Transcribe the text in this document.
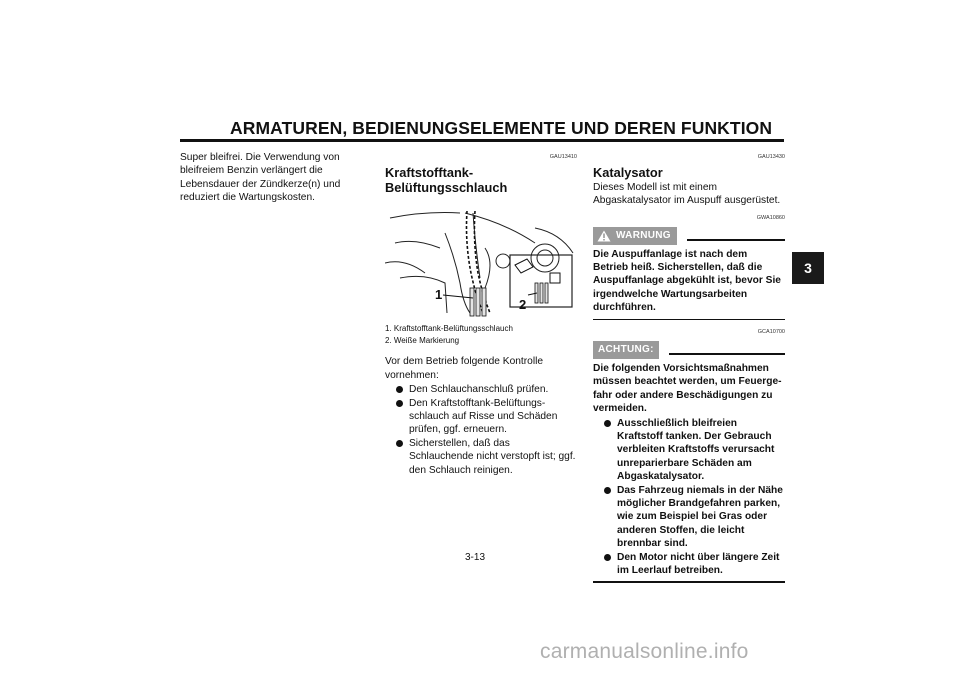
ARMATUREN, BEDIENUNGSELEMENTE UND DEREN FUNKTION
3
Super bleifrei. Die Verwendung von bleifreiem Benzin verlängert die Lebensdauer der Zündkerze(n) und reduziert die Wartungskosten.
GAU13410
Kraftstofftank-Belüftungsschlauch
1
2
1. Kraftstofftank-Belüftungsschlauch
2. Weiße Markierung
Vor dem Betrieb folgende Kontrolle vornehmen:
Den Schlauchanschluß prüfen.
Den Kraftstofftank-Belüftungsschlauch auf Risse und Schäden prüfen, ggf. erneuern.
Sicherstellen, daß das Schlauchende nicht verstopft ist; ggf. den Schlauch reinigen.
GAU13430
Katalysator
Dieses Modell ist mit einem Abgaskatalysator im Auspuff ausgerüstet.
GWA10860
WARNUNG
Die Auspuffanlage ist nach dem Betrieb heiß. Sicherstellen, daß die Auspuffanlage abgekühlt ist, bevor Sie irgendwelche Wartungsarbeiten durchführen.
GCA10700
ACHTUNG:
Die folgenden Vorsichtsmaßnahmen müssen beachtet werden, um Feuergefahr oder andere Beschädigungen zu vermeiden.
Ausschließlich bleifreien Kraftstoff tanken. Der Gebrauch verbleiten Kraftstoffs verursacht unreparierbare Schäden am Abgaskatalysator.
Das Fahrzeug niemals in der Nähe möglicher Brandgefahren parken, wie zum Beispiel bei Gras oder anderen Stoffen, die leicht brennbar sind.
Den Motor nicht über längere Zeit im Leerlauf betreiben.
3-13
carmanualsonline.info
